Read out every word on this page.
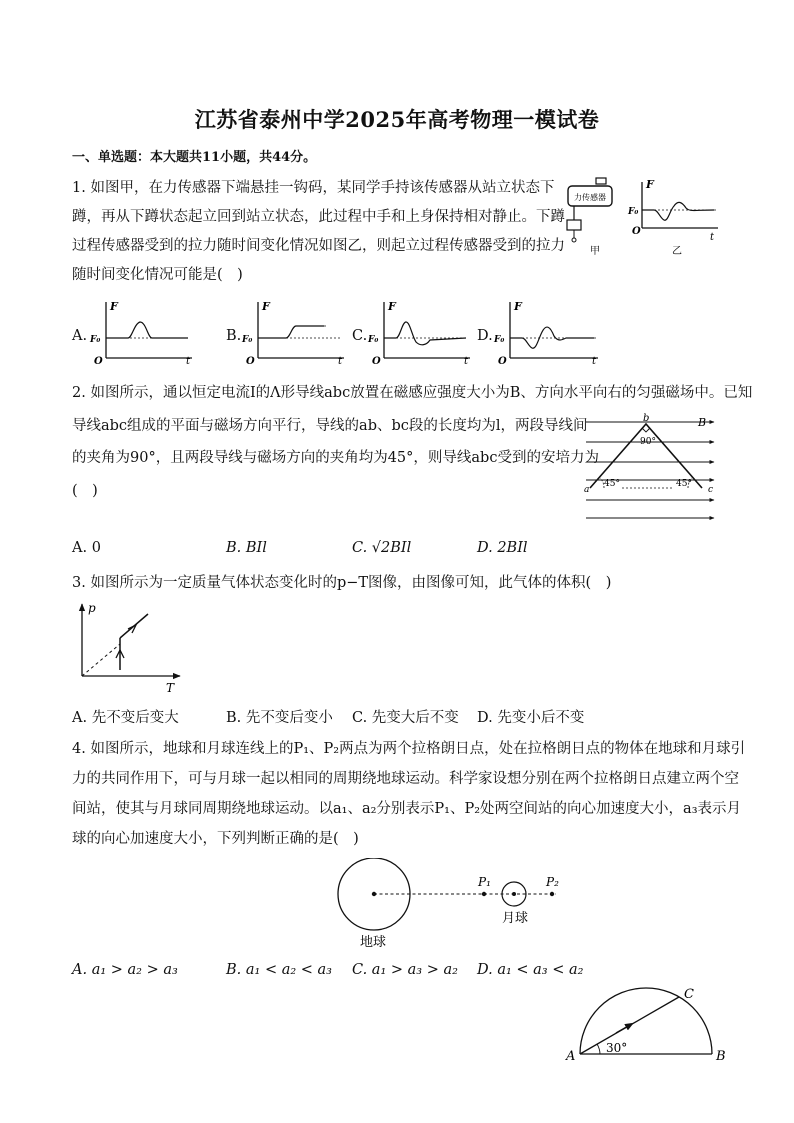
江苏省泰州中学2025年高考物理一模试卷
一、单选题：本大题共11小题，共44分。
1. 如图甲，在力传感器下端悬挂一钩码，某同学手持该传感器从站立状态下
蹲，再从下蹲状态起立回到站立状态，此过程中手和上身保持相对静止。下蹲
过程传感器受到的拉力随时间变化情况如图乙，则起立过程传感器受到的拉力
随时间变化情况可能是(　)
力传感器
甲
F
F₀
O
t
乙
A.
F
F₀
O	t
B.
F
F₀
O	t
C.
F
F₀
O	t
D.
F
F₀
O	t
2. 如图所示，通以恒定电流I的Λ形导线abc放置在磁感应强度大小为B、方向水平向右的匀强磁场中。已知
导线abc组成的平面与磁场方向平行，导线的ab、bc段的长度均为l，两段导线间
的夹角为90°，且两段导线与磁场方向的夹角均为45°，则导线abc受到的安培力为
(　)
b	B
90°
a	c
45°	45°
A. 0	B. BIl	C. √2BIl	D. 2BIl
3. 如图所示为一定质量气体状态变化时的p−T图像，由图像可知，此气体的体积(　)
p
T
A. 先不变后变大	B. 先不变后变小 C. 先变大后不变 D. 先变小后不变
4. 如图所示，地球和月球连线上的P₁、P₂两点为两个拉格朗日点，处在拉格朗日点的物体在地球和月球引
力的共同作用下，可与月球一起以相同的周期绕地球运动。科学家设想分别在两个拉格朗日点建立两个空
间站，使其与月球同周期绕地球运动。以a₁、a₂分别表示P₁、P₂处两空间站的向心加速度大小，a₃表示月
球的向心加速度大小，下列判断正确的是(　)
P₁	P₂
地球
月球
A. a₁ > a₂ > a₃	B. a₁ < a₂ < a₃ C. a₁ > a₃ > a₂ D. a₁ < a₃ < a₂
A	B
C
30°
